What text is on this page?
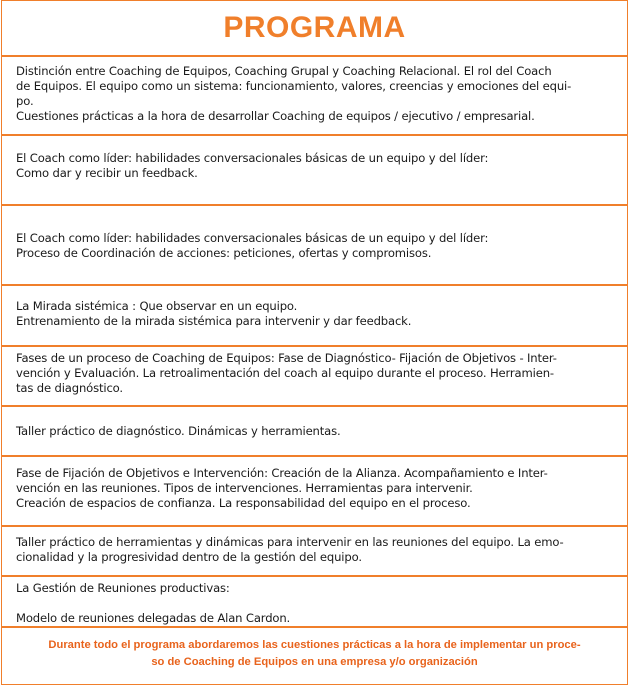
PROGRAMA
Distinción entre Coaching de Equipos, Coaching Grupal y Coaching Relacional. El rol del Coach
de Equipos. El equipo como un sistema: funcionamiento, valores, creencias y emociones del equi-
po.
Cuestiones prácticas a la hora de desarrollar Coaching de equipos / ejecutivo / empresarial.
El Coach como líder: habilidades conversacionales básicas de un equipo y del líder:
Como dar y recibir un feedback.
El Coach como líder: habilidades conversacionales básicas de un equipo y del líder:
Proceso de Coordinación de acciones: peticiones, ofertas y compromisos.
La Mirada sistémica : Que observar en un equipo.
Entrenamiento de la mirada sistémica para intervenir y dar feedback.
Fases de un proceso de Coaching de Equipos: Fase de Diagnóstico- Fijación de Objetivos - Inter-
vención y Evaluación. La retroalimentación del coach al equipo durante el proceso. Herramien-
tas de diagnóstico.
Taller práctico de diagnóstico. Dinámicas y herramientas.
Fase de Fijación de Objetivos e Intervención: Creación de la Alianza. Acompañamiento e Inter-
vención en las reuniones. Tipos de intervenciones. Herramientas para intervenir.
Creación de espacios de confianza. La responsabilidad del equipo en el proceso.
Taller práctico de herramientas y dinámicas para intervenir en las reuniones del equipo. La emo-
cionalidad y la progresividad dentro de la gestión del equipo.
La Gestión de Reuniones productivas:

Modelo de reuniones delegadas de Alan Cardon.
Durante todo el programa abordaremos las cuestiones prácticas a la hora de implementar un proce-
so de Coaching de Equipos en una empresa y/o organización
